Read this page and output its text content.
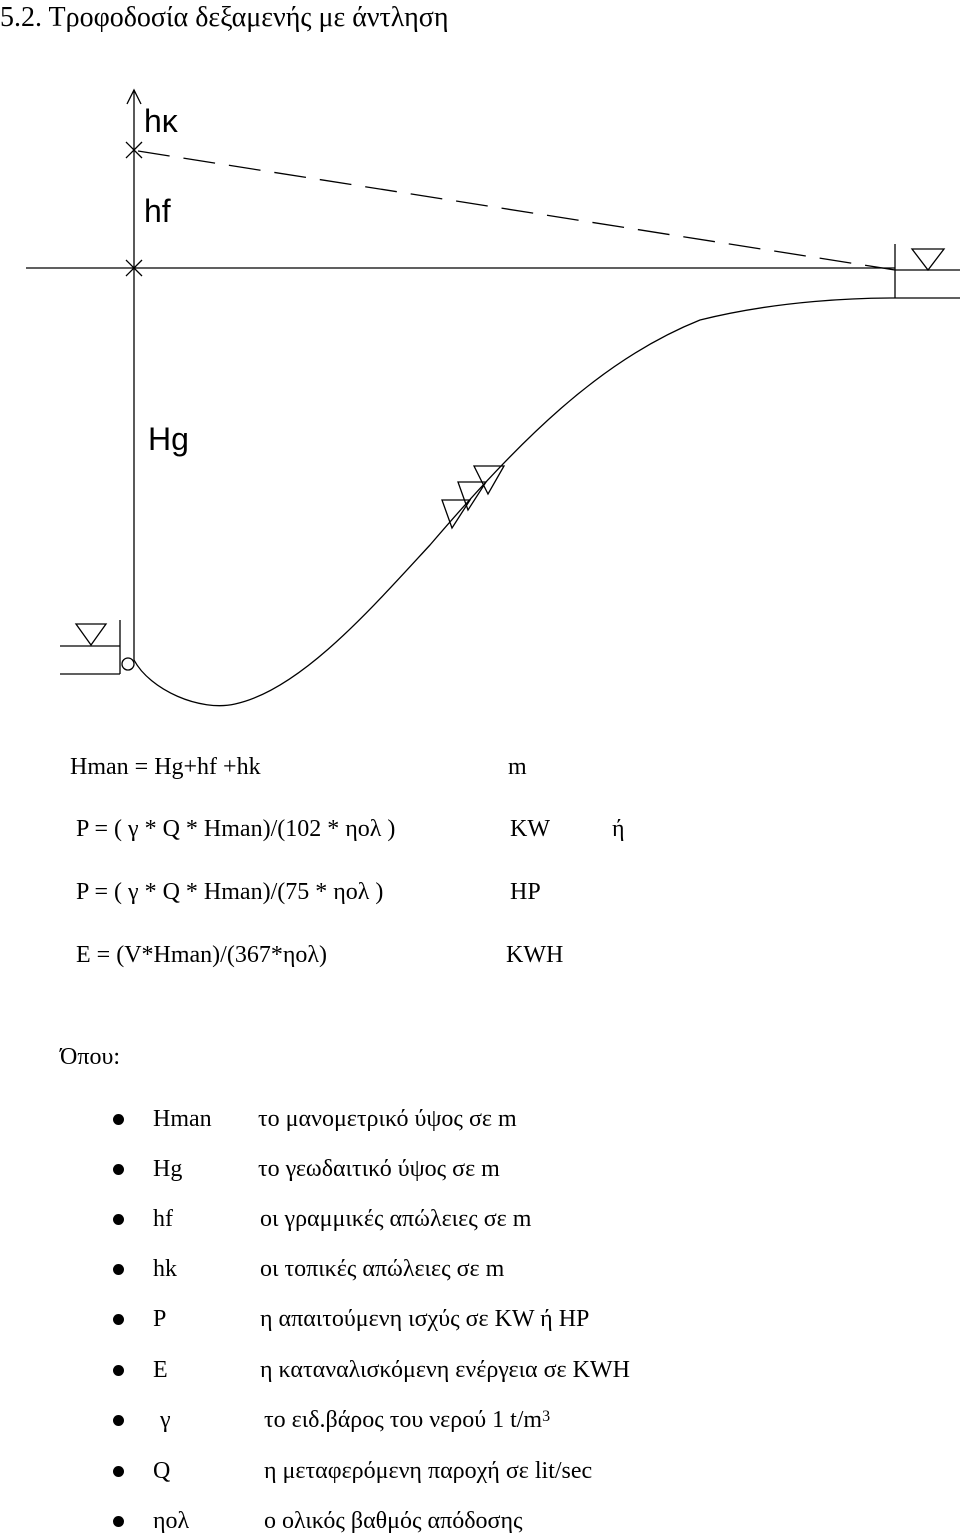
5.2. Τροφοδοσία δεξαμενής με άντληση
hκ
hf
Hg
Hman = Hg+hf +hk	m
P = ( γ * Q * Hman)/(102 * ηολ )	KW	ή
P = ( γ * Q * Hman)/(75 * ηολ )	HP
E = (V*Hman)/(367*ηολ)	KWH
Όπου:
Hman το μανομετρικό ύψος σε m
Hg	το γεωδαιτικό ύψος σε m
hf	οι γραμμικές απώλειες σε m
hk	οι τοπικές απώλειες σε m
P	η απαιτούμενη ισχύς σε KW ή HP
E	η καταναλισκόμενη ενέργεια σε KWH
γ	το ειδ.βάρος του νερού 1 $t/m^3$
Q	η μεταφερόμενη παροχή σε lit/sec
ηολ	ο ολικός βαθμός απόδοσης
